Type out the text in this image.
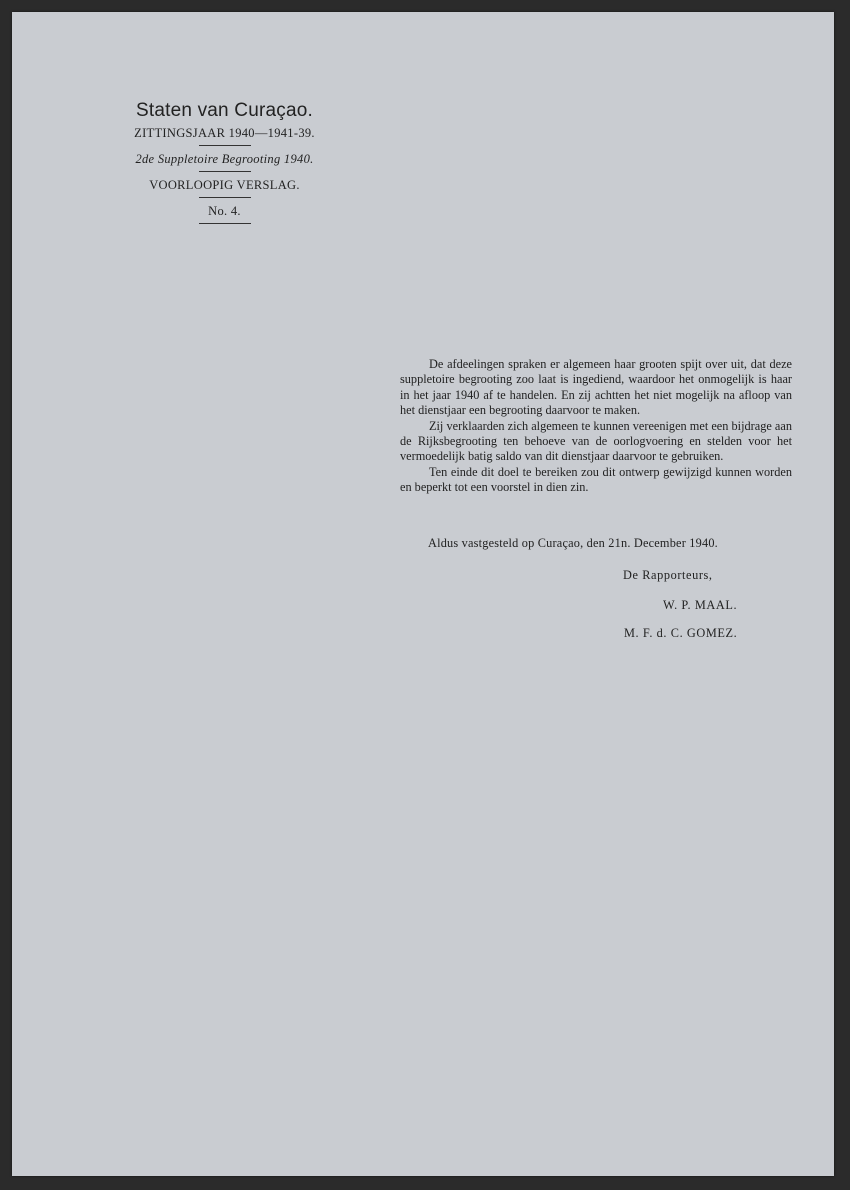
Staten van Curaçao.

ZITTINGSJAAR 1940—1941-39.

2de Suppletoire Begrooting 1940.

VOORLOOPIG VERSLAG.

No. 4.

De afdeelingen spraken er algemeen haar grooten spijt over uit, dat deze suppletoire begrooting zoo laat is ingediend, waardoor het onmogelijk is haar in het jaar 1940 af te handelen. En zij achtten het niet mogelijk na afloop van het dienstjaar een begrooting daarvoor te maken.

Zij verklaarden zich algemeen te kunnen vereenigen met een bijdrage aan de Rijksbegrooting ten behoeve van de oorlogvoering en stelden voor het vermoedelijk batig saldo van dit dienstjaar daarvoor te gebruiken.

Ten einde dit doel te bereiken zou dit ontwerp gewijzigd kunnen worden en beperkt tot een voorstel in dien zin.

Aldus vastgesteld op Curaçao, den 21n. December 1940.
De Rapporteurs,
W. P. MAAL.
M. F. d. C. GOMEZ.
